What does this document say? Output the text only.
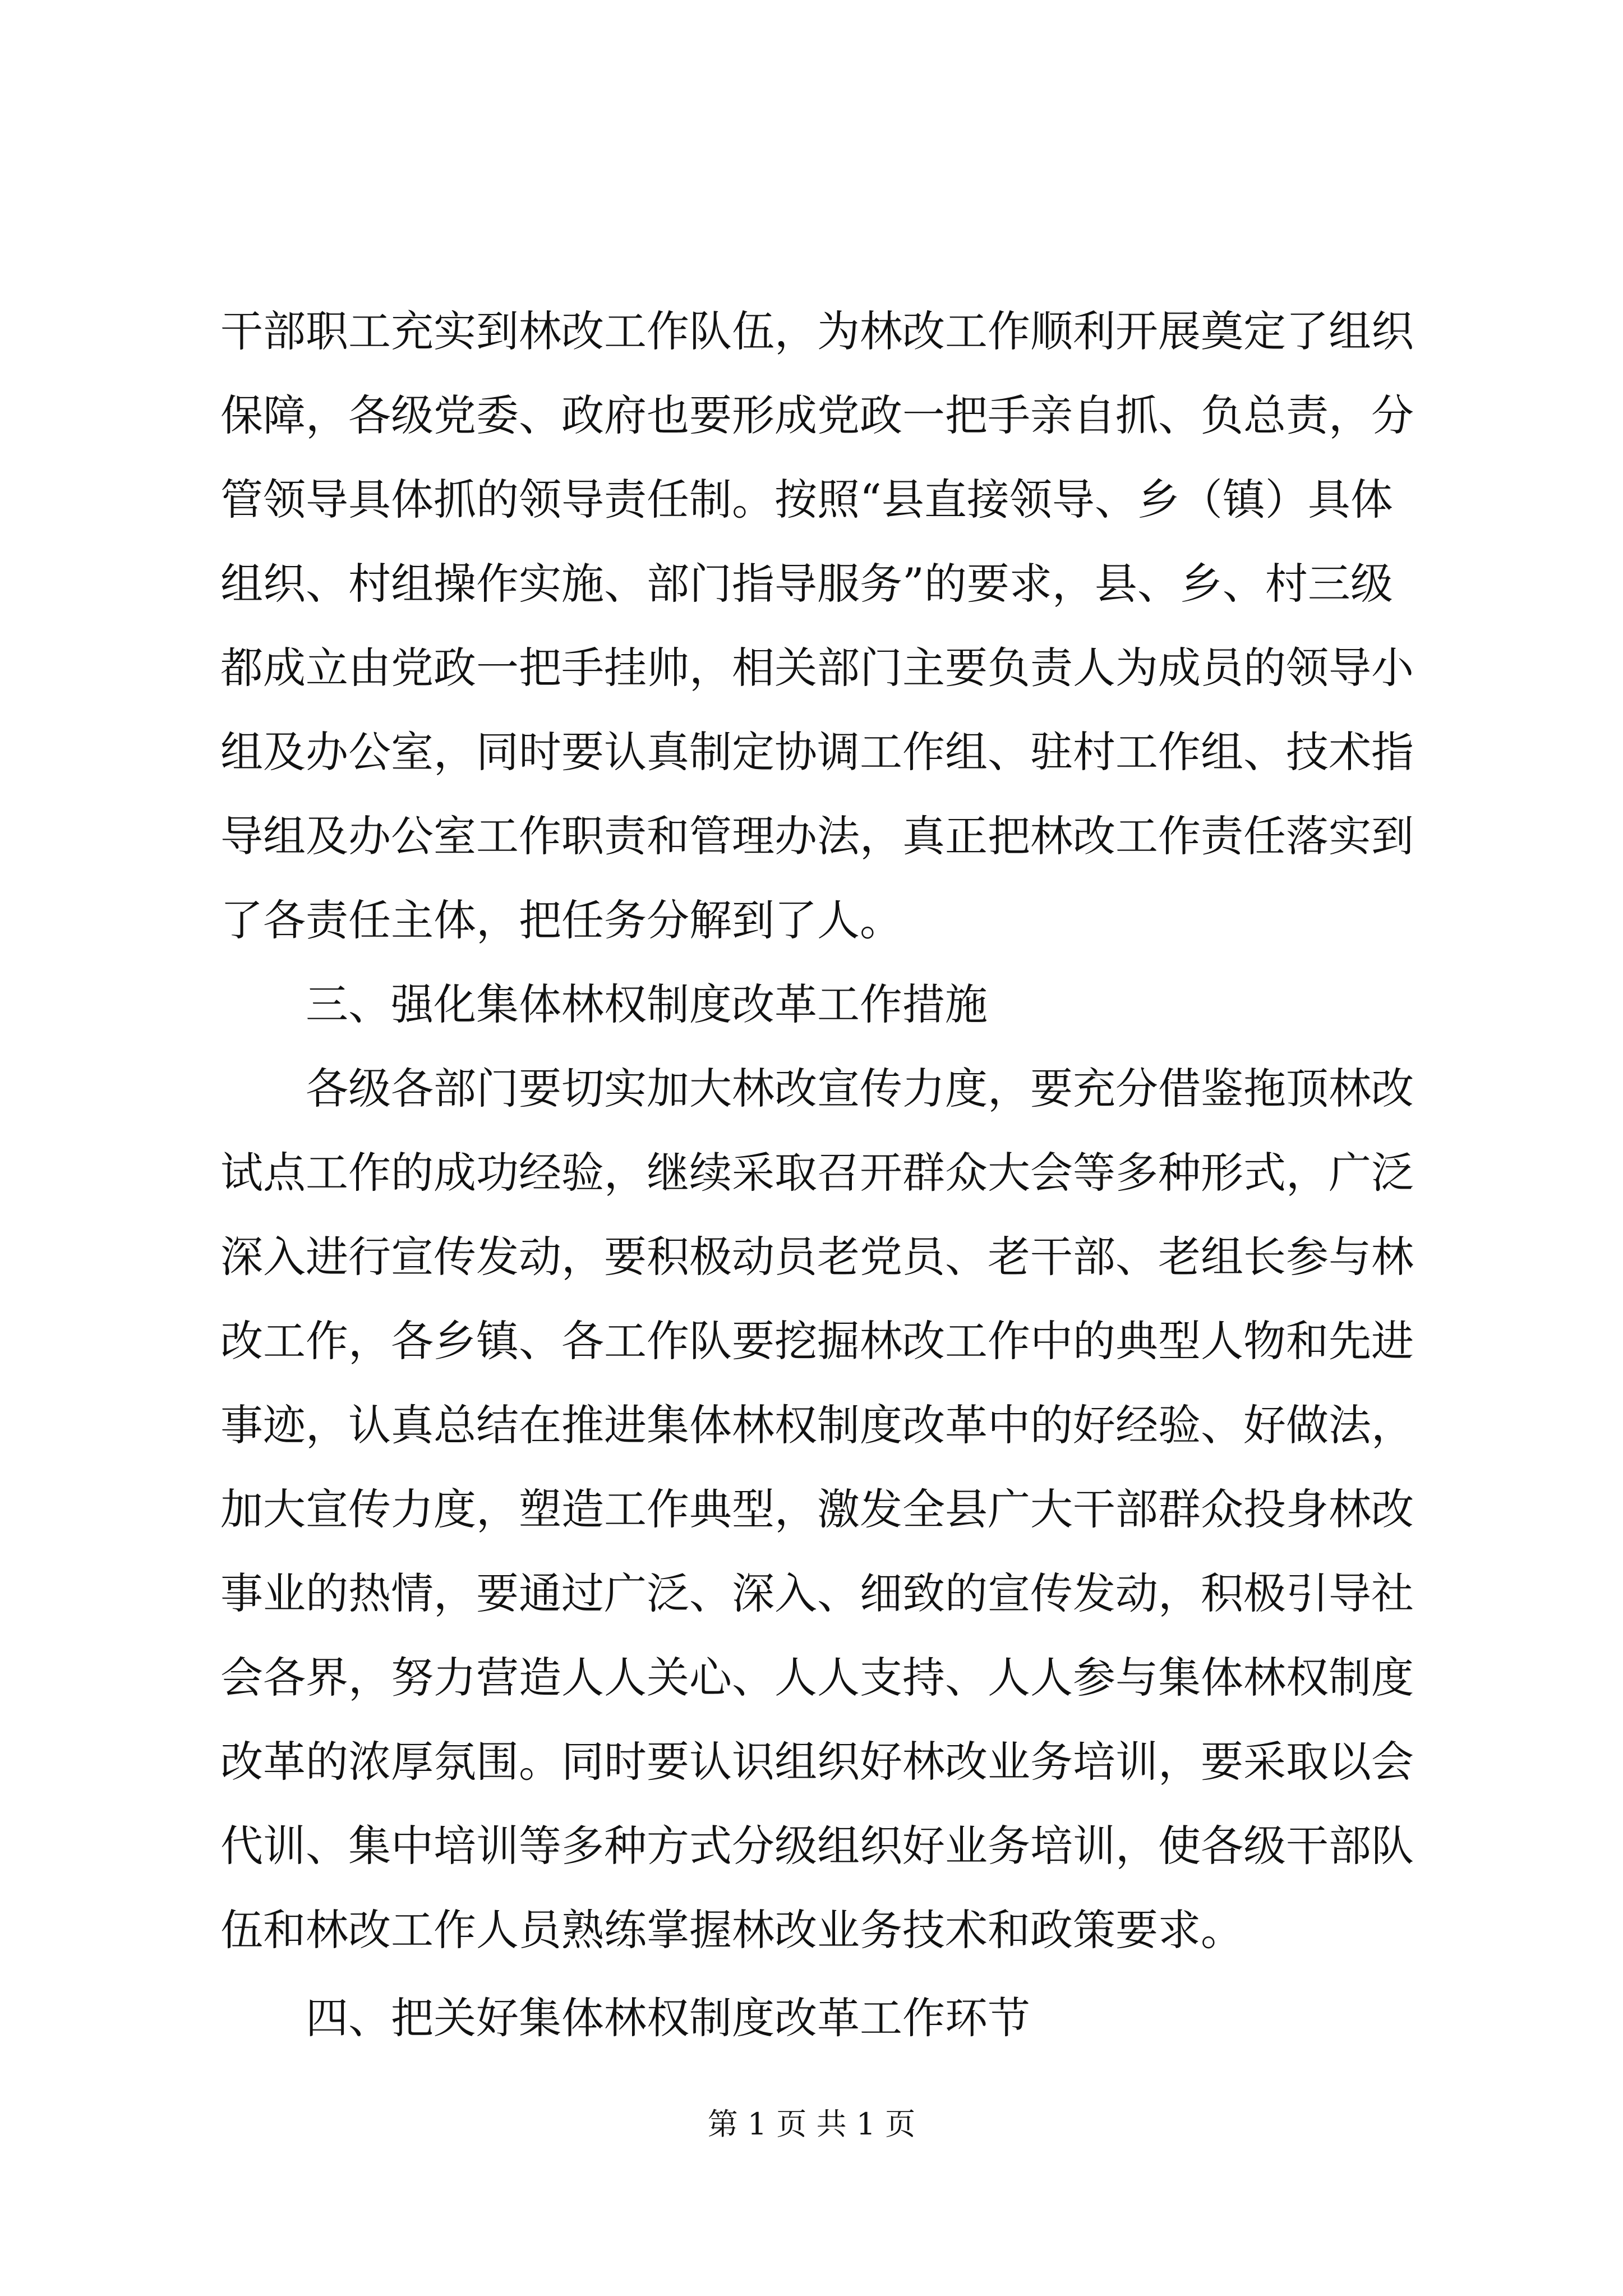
干部职工充实到林改工作队伍，为林改工作顺利开展奠定了组织
保障，各级党委、政府也要形成党政一把手亲自抓、负总责，分
管领导具体抓的领导责任制。按照“县直接领导、乡（镇）具体
组织、村组操作实施、部门指导服务”的要求，县、乡、村三级
都成立由党政一把手挂帅，相关部门主要负责人为成员的领导小
组及办公室，同时要认真制定协调工作组、驻村工作组、技术指
导组及办公室工作职责和管理办法，真正把林改工作责任落实到
了各责任主体，把任务分解到了人。
三、强化集体林权制度改革工作措施
各级各部门要切实加大林改宣传力度，要充分借鉴拖顶林改
试点工作的成功经验，继续采取召开群众大会等多种形式，广泛
深入进行宣传发动，要积极动员老党员、老干部、老组长参与林
改工作，各乡镇、各工作队要挖掘林改工作中的典型人物和先进
事迹，认真总结在推进集体林权制度改革中的好经验、好做法，
加大宣传力度，塑造工作典型，激发全县广大干部群众投身林改
事业的热情，要通过广泛、深入、细致的宣传发动，积极引导社
会各界，努力营造人人关心、人人支持、人人参与集体林权制度
改革的浓厚氛围。同时要认识组织好林改业务培训，要采取以会
代训、集中培训等多种方式分级组织好业务培训，使各级干部队
伍和林改工作人员熟练掌握林改业务技术和政策要求。
四、把关好集体林权制度改革工作环节
第 1 页 共 1 页
